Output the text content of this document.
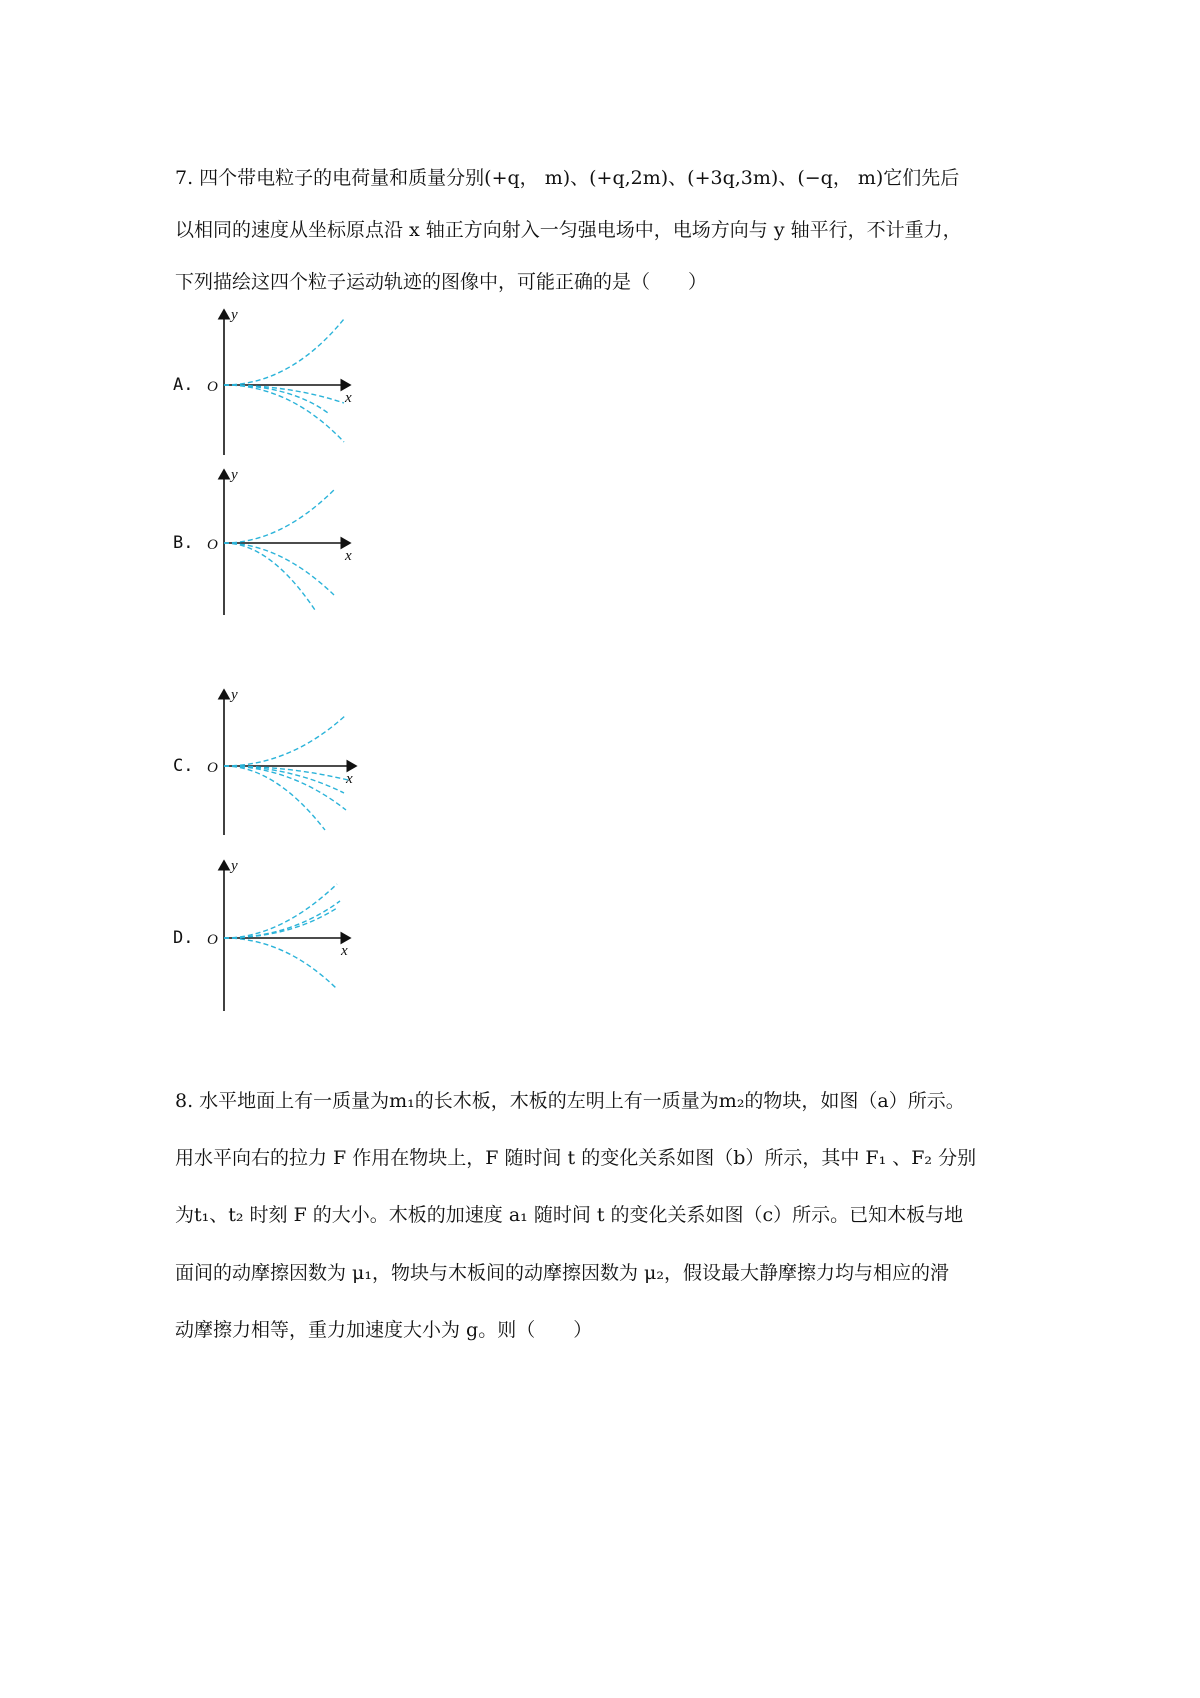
7. 四个带电粒子的电荷量和质量分别(+q， m)、(+q,2m)、(+3q,3m)、(−q， m)它们先后
以相同的速度从坐标原点沿 x 轴正方向射入一匀强电场中，电场方向与 y 轴平行，不计重力，
下列描绘这四个粒子运动轨迹的图像中，可能正确的是（　　）
A.
y
x
O
B.
y
x
O
C.
y
x
O
D.
y
x
O
8. 水平地面上有一质量为m₁的长木板，木板的左明上有一质量为m₂的物块，如图（a）所示。
用水平向右的拉力 F 作用在物块上，F 随时间 t 的变化关系如图（b）所示，其中 F₁ 、F₂ 分别
为t₁、t₂ 时刻 F 的大小。木板的加速度 a₁ 随时间 t 的变化关系如图（c）所示。已知木板与地
面间的动摩擦因数为 μ₁，物块与木板间的动摩擦因数为 μ₂，假设最大静摩擦力均与相应的滑
动摩擦力相等，重力加速度大小为 g。则（　　）
